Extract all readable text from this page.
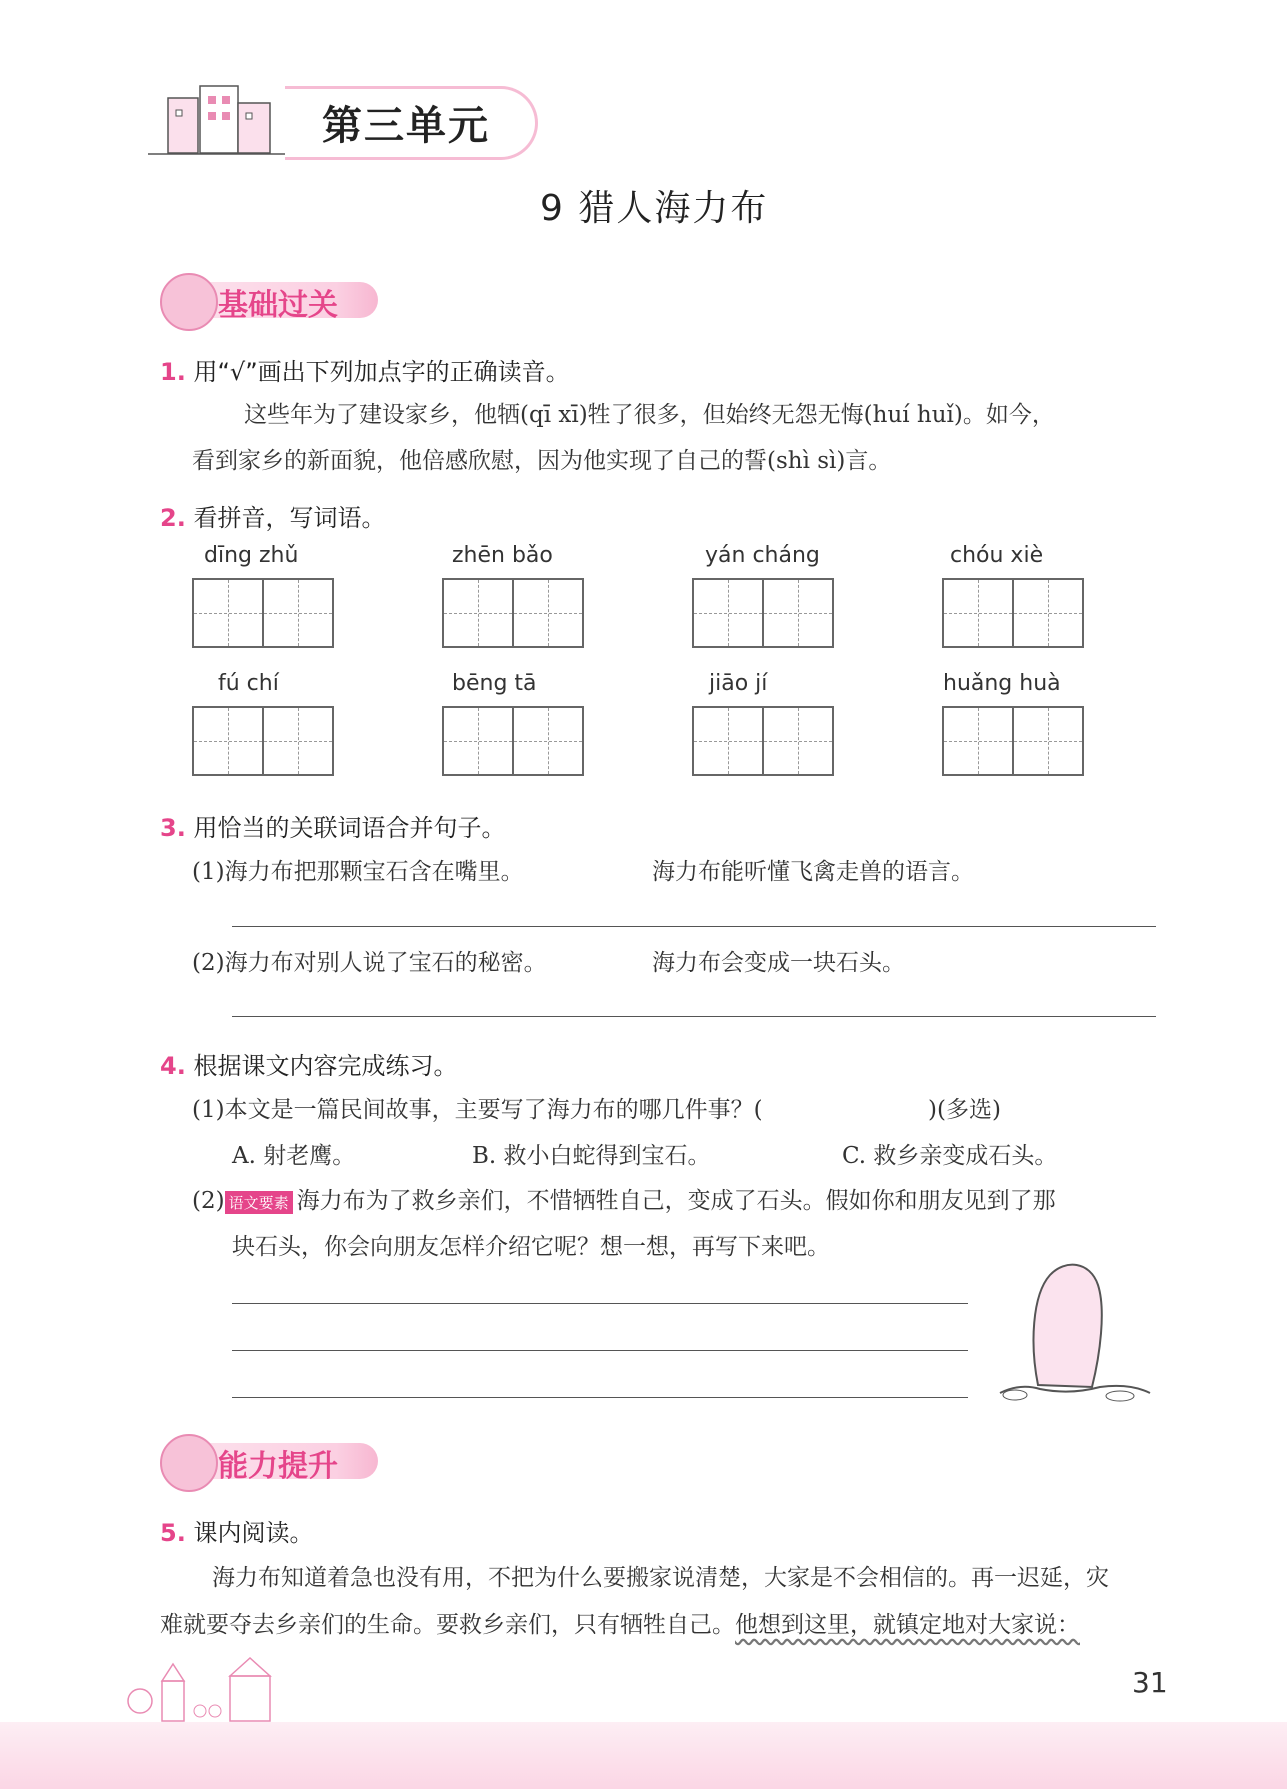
第三单元
9 猎人海力布
基础过关
1. 用“√”画出下列加点字的正确读音。
这些年为了建设家乡，他牺(qī xī)牲了很多，但始终无怨无悔(huí huǐ)。如今，
看到家乡的新面貌，他倍感欣慰，因为他实现了自己的誓(shì sì)言。
2. 看拼音，写词语。
dīng zhǔ	zhēn bǎo	yán cháng	chóu xiè
fú chí	bēng tā	jiāo jí	huǎng huà
3. 用恰当的关联词语合并句子。
(1)海力布把那颗宝石含在嘴里。	海力布能听懂飞禽走兽的语言。
(2)海力布对别人说了宝石的秘密。	海力布会变成一块石头。
4. 根据课文内容完成练习。
(1)本文是一篇民间故事，主要写了海力布的哪几件事？(	)(多选)
A. 射老鹰。	B. 救小白蛇得到宝石。	C. 救乡亲变成石头。
(2) 语文要素 海力布为了救乡亲们，不惜牺牲自己，变成了石头。假如你和朋友见到了那
块石头，你会向朋友怎样介绍它呢？想一想，再写下来吧。
能力提升
5. 课内阅读。
海力布知道着急也没有用，不把为什么要搬家说清楚，大家是不会相信的。再一迟延，灾
难就要夺去乡亲们的生命。要救乡亲们，只有牺牲自己。他想到这里，就镇定地对大家说：
31
